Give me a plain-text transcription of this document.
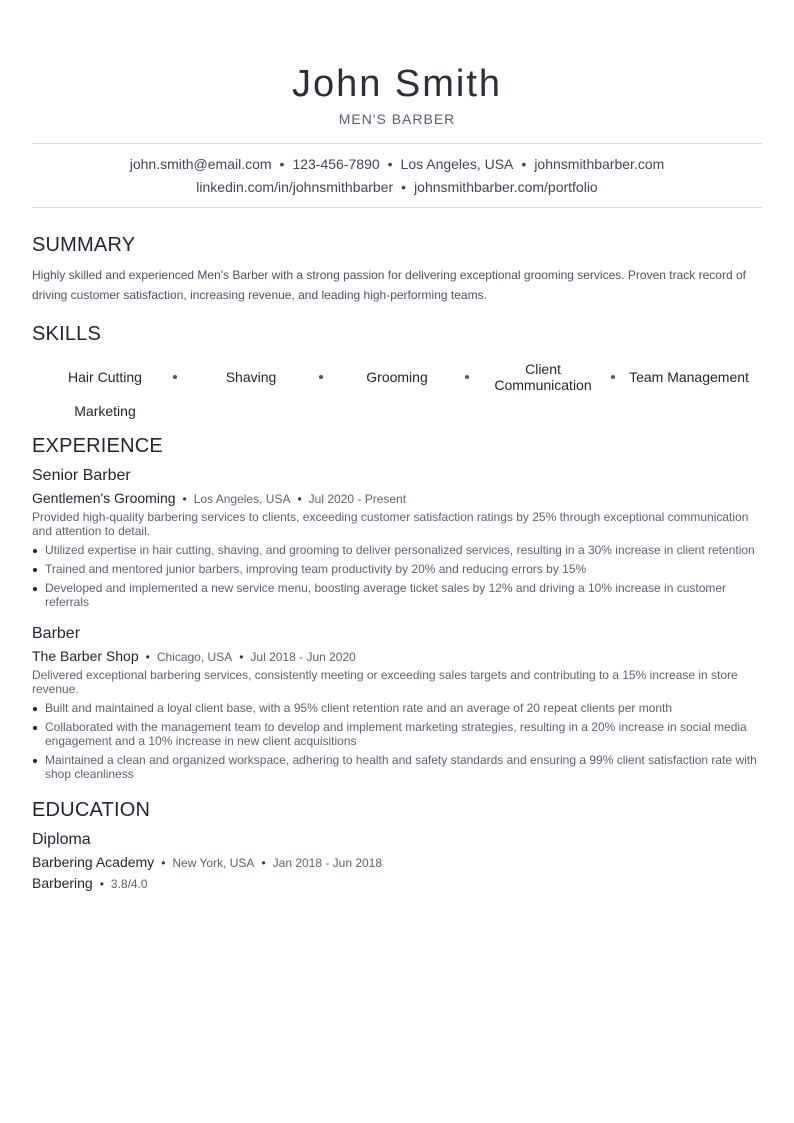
John Smith
MEN'S BARBER
john.smith@email.com • 123-456-7890 • Los Angeles, USA • johnsmithbarber.com
linkedin.com/in/johnsmithbarber • johnsmithbarber.com/portfolio
SUMMARY
Highly skilled and experienced Men's Barber with a strong passion for delivering exceptional grooming services. Proven track record of driving customer satisfaction, increasing revenue, and leading high-performing teams.
SKILLS
Hair Cutting	Shaving	Grooming	Client Communication	Team Management
Marketing
EXPERIENCE
Senior Barber
Gentlemen's Grooming • Los Angeles, USA • Jul 2020 - Present
Provided high-quality barbering services to clients, exceeding customer satisfaction ratings by 25% through exceptional communication and attention to detail.
Utilized expertise in hair cutting, shaving, and grooming to deliver personalized services, resulting in a 30% increase in client retention
Trained and mentored junior barbers, improving team productivity by 20% and reducing errors by 15%
Developed and implemented a new service menu, boosting average ticket sales by 12% and driving a 10% increase in customer referrals
Barber
The Barber Shop • Chicago, USA • Jul 2018 - Jun 2020
Delivered exceptional barbering services, consistently meeting or exceeding sales targets and contributing to a 15% increase in store revenue.
Built and maintained a loyal client base, with a 95% client retention rate and an average of 20 repeat clients per month
Collaborated with the management team to develop and implement marketing strategies, resulting in a 20% increase in social media engagement and a 10% increase in new client acquisitions
Maintained a clean and organized workspace, adhering to health and safety standards and ensuring a 99% client satisfaction rate with shop cleanliness
EDUCATION
Diploma
Barbering Academy • New York, USA • Jan 2018 - Jun 2018
Barbering • 3.8/4.0
